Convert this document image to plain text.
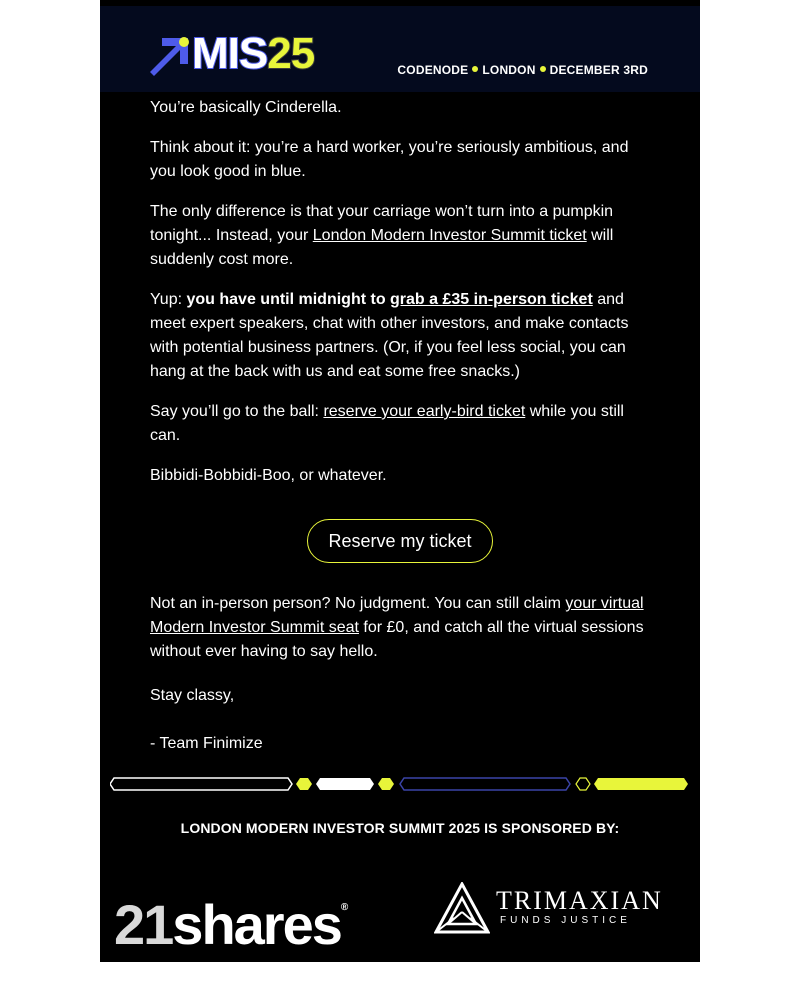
MIS25	CODENODE LONDON DECEMBER 3RD

You’re basically Cinderella.

Think about it: you’re a hard worker, you’re seriously ambitious, and you look good in blue.

The only difference is that your carriage won’t turn into a pumpkin tonight... Instead, your London Modern Investor Summit ticket will suddenly cost more.

Yup: you have until midnight to grab a £35 in-person ticket and meet expert speakers, chat with other investors, and make contacts with potential business partners. (Or, if you feel less social, you can hang at the back with us and eat some free snacks.)

Say you’ll go to the ball: reserve your early-bird ticket while you still can.

Bibbidi-Bobbidi-Boo, or whatever.

Reserve my ticket

Not an in-person person? No judgment. You can still claim your virtual Modern Investor Summit seat for £0, and catch all the virtual sessions without ever having to say hello.

Stay classy,

- Team Finimize

LONDON MODERN INVESTOR SUMMIT 2025 IS SPONSORED BY:
21shares®	TRIMAXIAN
FUNDS JUSTICE
